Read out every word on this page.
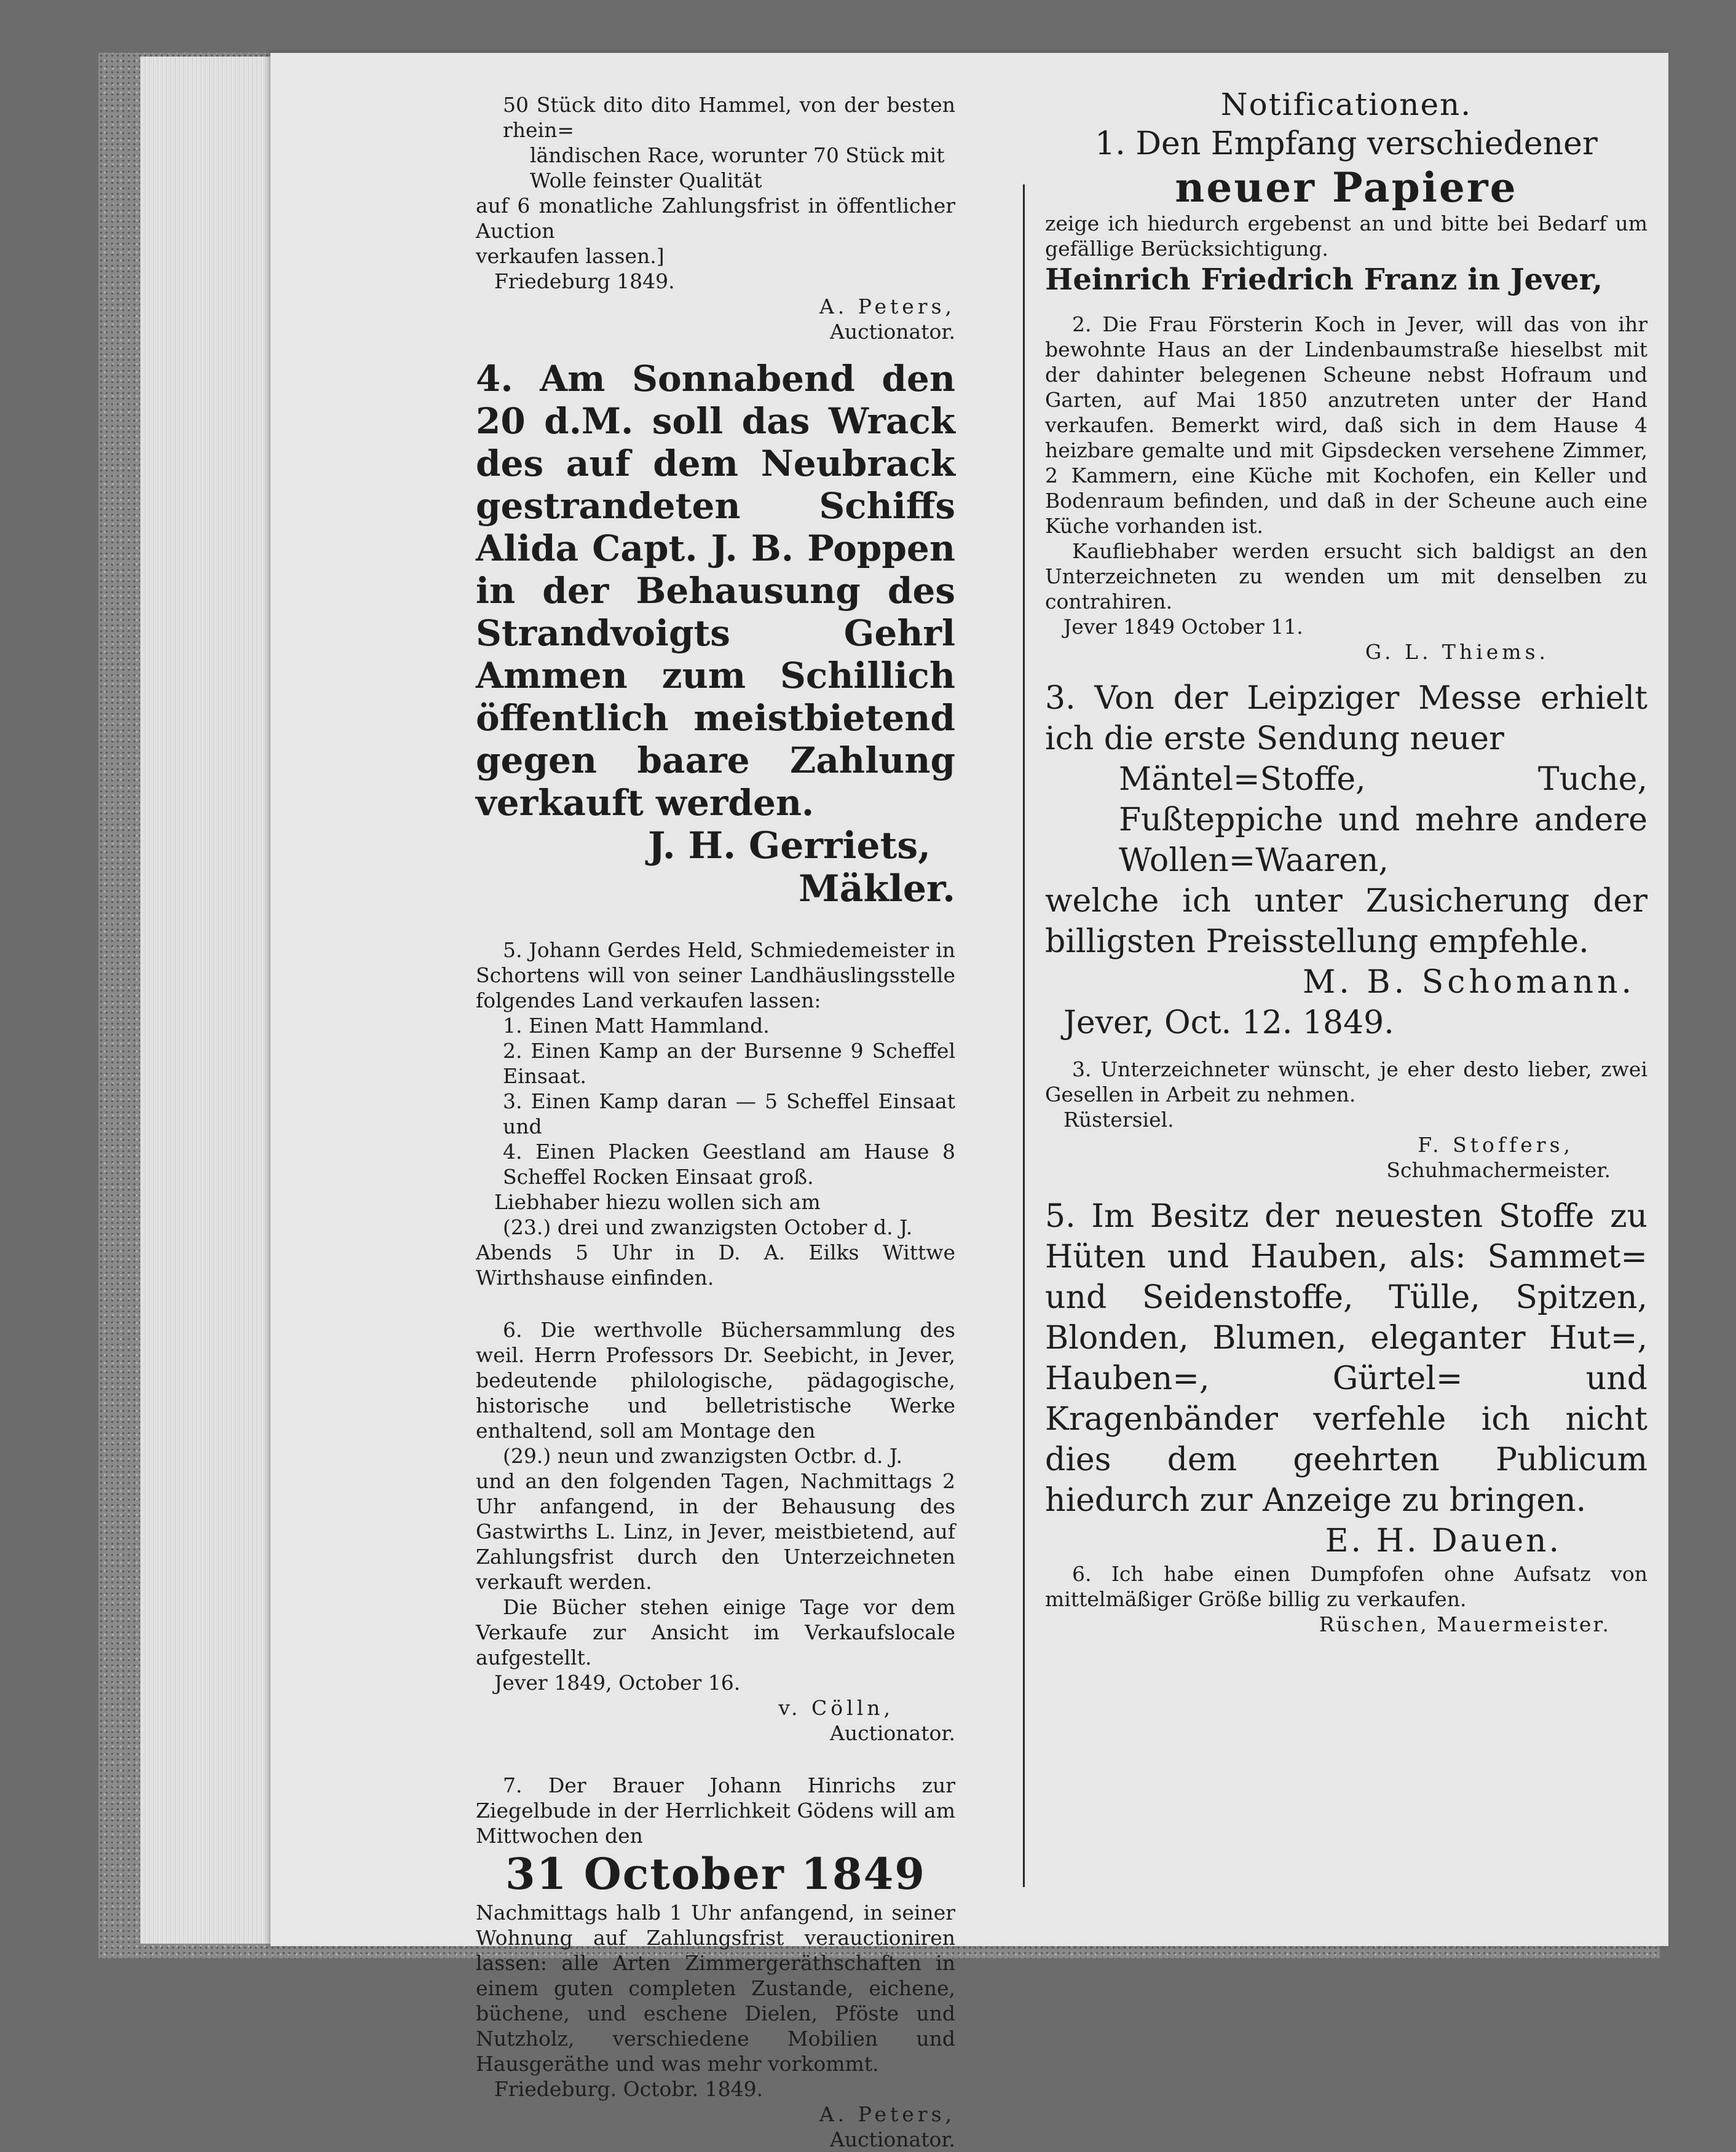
50 Stück dito dito Hammel, von der besten rhein=

ländischen Race, worunter 70 Stück mit

Wolle feinster Qualität

auf 6 monatliche Zahlungsfrist in öffentlicher Auction

verkaufen lassen.]

Friedeburg 1849.

A. Peters,

Auctionator.

4. Am Sonnabend den 20 d.M. soll das Wrack des auf dem Neubrack gestrandeten Schiffs Alida Capt. J. B. Poppen in der Behausung des Strandvoigts Gehrl Ammen zum Schillich öffentlich meistbietend gegen baare Zahlung verkauft werden.

J. H. Gerriets,

Mäkler.

5. Johann Gerdes Held, Schmiedemeister in Schortens will von seiner Landhäuslingsstelle folgendes Land verkaufen lassen:

1. Einen Matt Hammland.

2. Einen Kamp an der Bursenne 9 Scheffel Einsaat.

3. Einen Kamp daran — 5 Scheffel Einsaat und

4. Einen Placken Geestland am Hause 8 Scheffel Rocken Einsaat groß.

Liebhaber hiezu wollen sich am

(23.) drei und zwanzigsten October d. J.

Abends 5 Uhr in D. A. Eilks Wittwe Wirthshause einfinden.

6. Die werthvolle Büchersammlung des weil. Herrn Professors Dr. Seebicht, in Jever, bedeutende philologische, pädagogische, historische und belletristische Werke enthaltend, soll am Montage den

(29.) neun und zwanzigsten Octbr. d. J.

und an den folgenden Tagen, Nachmittags 2 Uhr anfangend, in der Behausung des Gastwirths L. Linz, in Jever, meistbietend, auf Zahlungsfrist durch den Unterzeichneten verkauft werden.

Die Bücher stehen einige Tage vor dem Verkaufe zur Ansicht im Verkaufslocale aufgestellt.

Jever 1849, October 16.

v. Cölln,

Auctionator.

7. Der Brauer Johann Hinrichs zur Ziegelbude in der Herrlichkeit Gödens will am Mittwochen den

31 October 1849

Nachmittags halb 1 Uhr anfangend, in seiner Wohnung auf Zahlungsfrist verauctioniren lassen: alle Arten Zimmergeräthschaften in einem guten completen Zustande, eichene, büchene, und eschene Dielen, Pföste und Nutzholz, verschiedene Mobilien und Hausgeräthe und was mehr vorkommt.

Friedeburg. Octobr. 1849.

A. Peters,

Auctionator.

Notificationen.

1. Den Empfang verschiedener

neuer Papiere

zeige ich hiedurch ergebenst an und bitte bei Bedarf um gefällige Berücksichtigung.

Heinrich Friedrich Franz in Jever,

2. Die Frau Försterin Koch in Jever, will das von ihr bewohnte Haus an der Lindenbaumstraße hieselbst mit der dahinter belegenen Scheune nebst Hofraum und Garten, auf Mai 1850 anzutreten unter der Hand verkaufen. Bemerkt wird, daß sich in dem Hause 4 heizbare gemalte und mit Gipsdecken versehene Zimmer, 2 Kammern, eine Küche mit Kochofen, ein Keller und Bodenraum befinden, und daß in der Scheune auch eine Küche vorhanden ist.

Kaufliebhaber werden ersucht sich baldigst an den Unterzeichneten zu wenden um mit denselben zu contrahiren.

Jever 1849 October 11.

G. L. Thiems.

3. Von der Leipziger Messe erhielt ich die erste Sendung neuer

Mäntel=Stoffe, Tuche, Fußteppiche und mehre andere Wollen=Waaren,

welche ich unter Zusicherung der billigsten Preisstellung empfehle.

M. B. Schomann.

Jever, Oct. 12. 1849.

3. Unterzeichneter wünscht, je eher desto lieber, zwei Gesellen in Arbeit zu nehmen.

Rüstersiel.

F. Stoffers,

Schuhmachermeister.

5. Im Besitz der neuesten Stoffe zu Hüten und Hauben, als: Sammet= und Seidenstoffe, Tülle, Spitzen, Blonden, Blumen, eleganter Hut=, Hauben=, Gürtel= und Kragenbänder verfehle ich nicht dies dem geehrten Publicum hiedurch zur Anzeige zu bringen.

E. H. Dauen.

6. Ich habe einen Dumpfofen ohne Aufsatz von mittelmäßiger Größe billig zu verkaufen.

Rüschen, Mauermeister.
